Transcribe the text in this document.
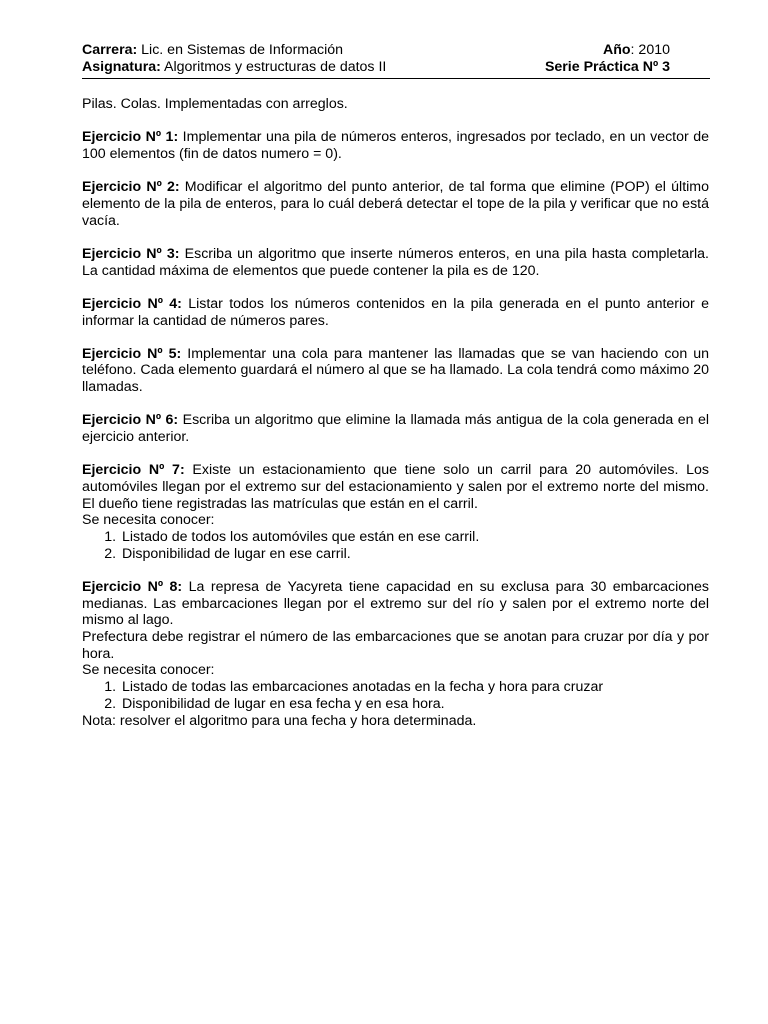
Carrera: Lic. en Sistemas de Información	Año: 2010
Asignatura: Algoritmos y estructuras de datos II	Serie Práctica Nº 3

Pilas. Colas. Implementadas con arreglos.

Ejercicio Nº 1: Implementar una pila de números enteros, ingresados por teclado, en un vector de 100 elementos (fin de datos numero = 0).

Ejercicio Nº 2: Modificar el algoritmo del punto anterior, de tal forma que elimine (POP) el último elemento de la pila de enteros, para lo cuál deberá detectar el tope de la pila y verificar que no está vacía.

Ejercicio Nº 3: Escriba un algoritmo que inserte números enteros, en una pila hasta completarla. La cantidad máxima de elementos que puede contener la pila es de 120.

Ejercicio Nº 4: Listar todos los números contenidos en la pila generada en el punto anterior e informar la cantidad de números pares.

Ejercicio Nº 5: Implementar una cola para mantener las llamadas que se van haciendo con un teléfono. Cada elemento guardará el número al que se ha llamado. La cola tendrá como máximo 20 llamadas.

Ejercicio Nº 6: Escriba un algoritmo que elimine la llamada más antigua de la cola generada en el ejercicio anterior.

Ejercicio Nº 7: Existe un estacionamiento que tiene solo un carril para 20 automóviles. Los automóviles llegan por el extremo sur del estacionamiento y salen por el extremo norte del mismo. El dueño tiene registradas las matrículas que están en el carril.

Se necesita conocer:

1. Listado de todos los automóviles que están en ese carril.
2. Disponibilidad de lugar en ese carril.

Ejercicio Nº 8: La represa de Yacyreta tiene capacidad en su exclusa para 30 embarcaciones medianas. Las embarcaciones llegan por el extremo sur del río y salen por el extremo norte del mismo al lago.

Prefectura debe registrar el número de las embarcaciones que se anotan para cruzar por día y por hora.

Se necesita conocer:

1. Listado de todas las embarcaciones anotadas en la fecha y hora para cruzar
2. Disponibilidad de lugar en esa fecha y en esa hora.

Nota: resolver el algoritmo para una fecha y hora determinada.
